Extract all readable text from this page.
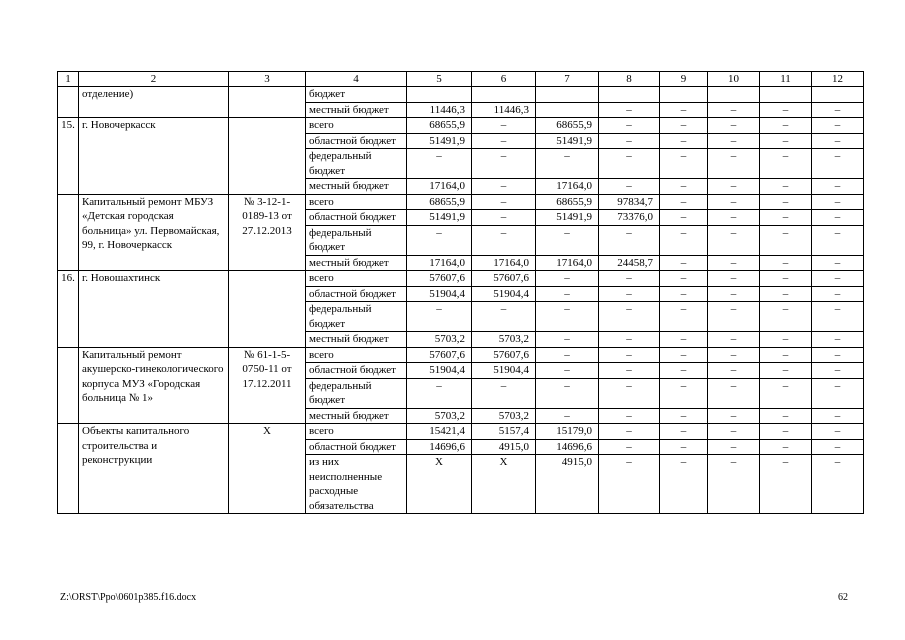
1	2	3	4	5	6	7	8	9	10	11	12
	отделение)		бюджет								
			местный бюджет	11446,3	11446,3		–	–	–	–	–
15.	г. Новочеркасск		всего	68655,9	–	68655,9	–	–	–	–	–
			областной бюджет	51491,9	–	51491,9	–	–	–	–	–
			федеральный бюджет	–	–	–	–	–	–	–	–
			местный бюджет	17164,0	–	17164,0	–	–	–	–	–
	Капитальный ремонт МБУЗ «Детская городская больница» ул. Первомайская, 99, г. Новочеркасск	№ 3-12-1-0189-13 от 27.12.2013	всего	68655,9	–	68655,9	97834,7	–	–	–	–
			областной бюджет	51491,9	–	51491,9	73376,0	–	–	–	–
			федеральный бюджет	–	–	–	–	–	–	–	–
			местный бюджет	17164,0	17164,0	17164,0	24458,7	–	–	–	–
16.	г. Новошахтинск		всего	57607,6	57607,6	–	–	–	–	–	–
			областной бюджет	51904,4	51904,4	–	–	–	–	–	–
			федеральный бюджет	–	–	–	–	–	–	–	–
			местный бюджет	5703,2	5703,2	–	–	–	–	–	–
	Капитальный ремонт акушерско-гинекологического корпуса МУЗ «Городская больница № 1»	№ 61-1-5-0750-11 от 17.12.2011	всего	57607,6	57607,6	–	–	–	–	–	–
			областной бюджет	51904,4	51904,4	–	–	–	–	–	–
			федеральный бюджет	–	–	–	–	–	–	–	–
			местный бюджет	5703,2	5703,2	–	–	–	–	–	–
	Объекты капитального строительства и реконструкции	Х	всего	15421,4	5157,4	15179,0	–	–	–	–	–
			областной бюджет	14696,6	4915,0	14696,6	–	–	–	–	–
			из них неисполненные расходные обязательства	Х	Х	4915,0	–	–	–	–	–
Z:\ORST\Ppo\0601p385.f16.docx	62
